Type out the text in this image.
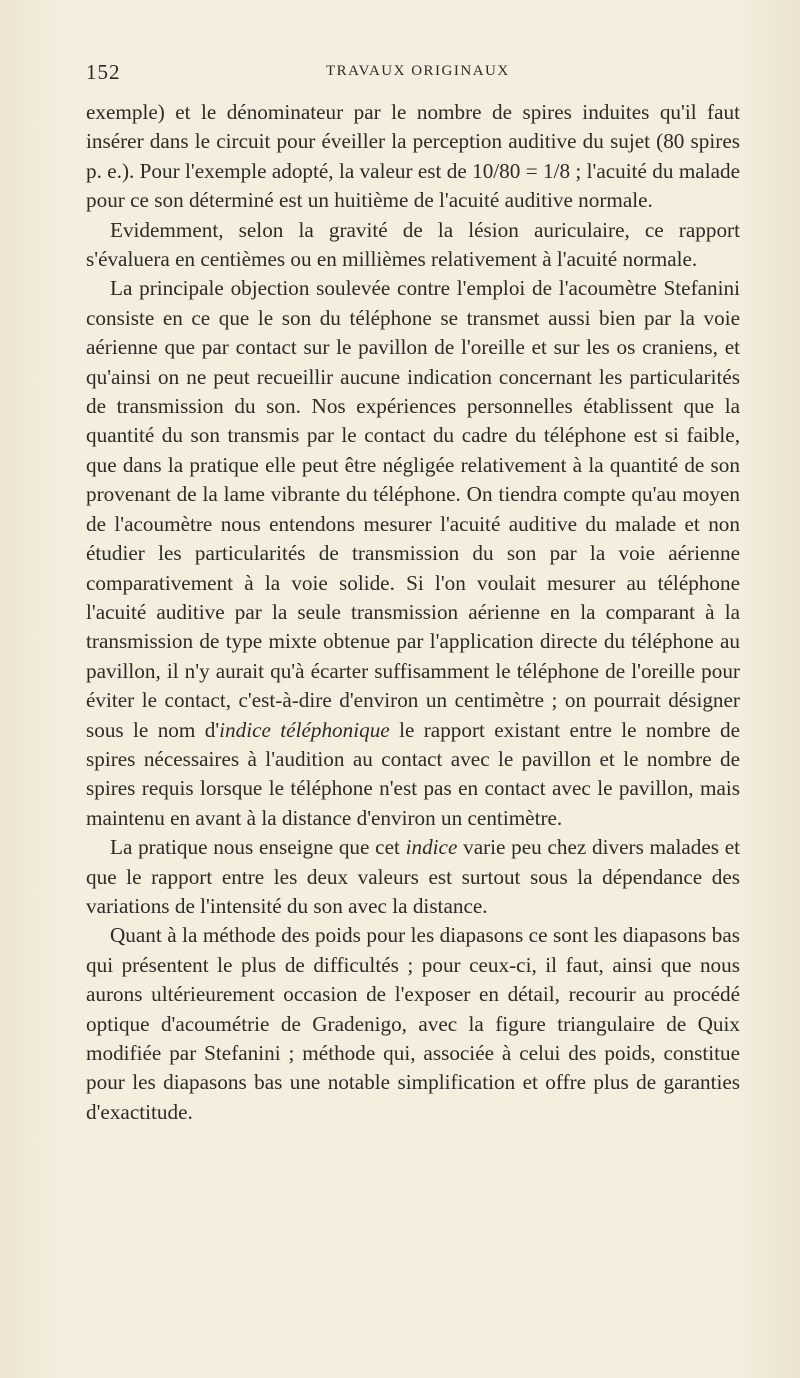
152	TRAVAUX ORIGINAUX

exemple) et le dénominateur par le nombre de spires induites qu'il faut insérer dans le circuit pour éveiller la perception auditive du sujet (80 spires p. e.). Pour l'exemple adopté, la valeur est de 10/80 = 1/8 ; l'acuité du malade pour ce son déterminé est un huitième de l'acuité auditive normale.

Evidemment, selon la gravité de la lésion auriculaire, ce rapport s'évaluera en centièmes ou en millièmes relativement à l'acuité normale.

La principale objection soulevée contre l'emploi de l'acoumètre Stefanini consiste en ce que le son du téléphone se transmet aussi bien par la voie aérienne que par contact sur le pavillon de l'oreille et sur les os craniens, et qu'ainsi on ne peut recueillir aucune indication concernant les particularités de transmission du son. Nos expériences personnelles établissent que la quantité du son transmis par le contact du cadre du téléphone est si faible, que dans la pratique elle peut être négligée relativement à la quantité de son provenant de la lame vibrante du téléphone. On tiendra compte qu'au moyen de l'acoumètre nous entendons mesurer l'acuité auditive du malade et non étudier les particularités de transmission du son par la voie aérienne comparativement à la voie solide. Si l'on voulait mesurer au téléphone l'acuité auditive par la seule transmission aérienne en la comparant à la transmission de type mixte obtenue par l'application directe du téléphone au pavillon, il n'y aurait qu'à écarter suffisamment le téléphone de l'oreille pour éviter le contact, c'est-à-dire d'environ un centimètre ; on pourrait désigner sous le nom d'indice téléphonique le rapport existant entre le nombre de spires nécessaires à l'audition au contact avec le pavillon et le nombre de spires requis lorsque le téléphone n'est pas en contact avec le pavillon, mais maintenu en avant à la distance d'environ un centimètre.

La pratique nous enseigne que cet indice varie peu chez divers malades et que le rapport entre les deux valeurs est surtout sous la dépendance des variations de l'intensité du son avec la distance.

Quant à la méthode des poids pour les diapasons ce sont les diapasons bas qui présentent le plus de difficultés ; pour ceux-ci, il faut, ainsi que nous aurons ultérieurement occasion de l'exposer en détail, recourir au procédé optique d'acoumétrie de Gradenigo, avec la figure triangulaire de Quix modifiée par Stefanini ; méthode qui, associée à celui des poids, constitue pour les diapasons bas une notable simplification et offre plus de garanties d'exactitude.
